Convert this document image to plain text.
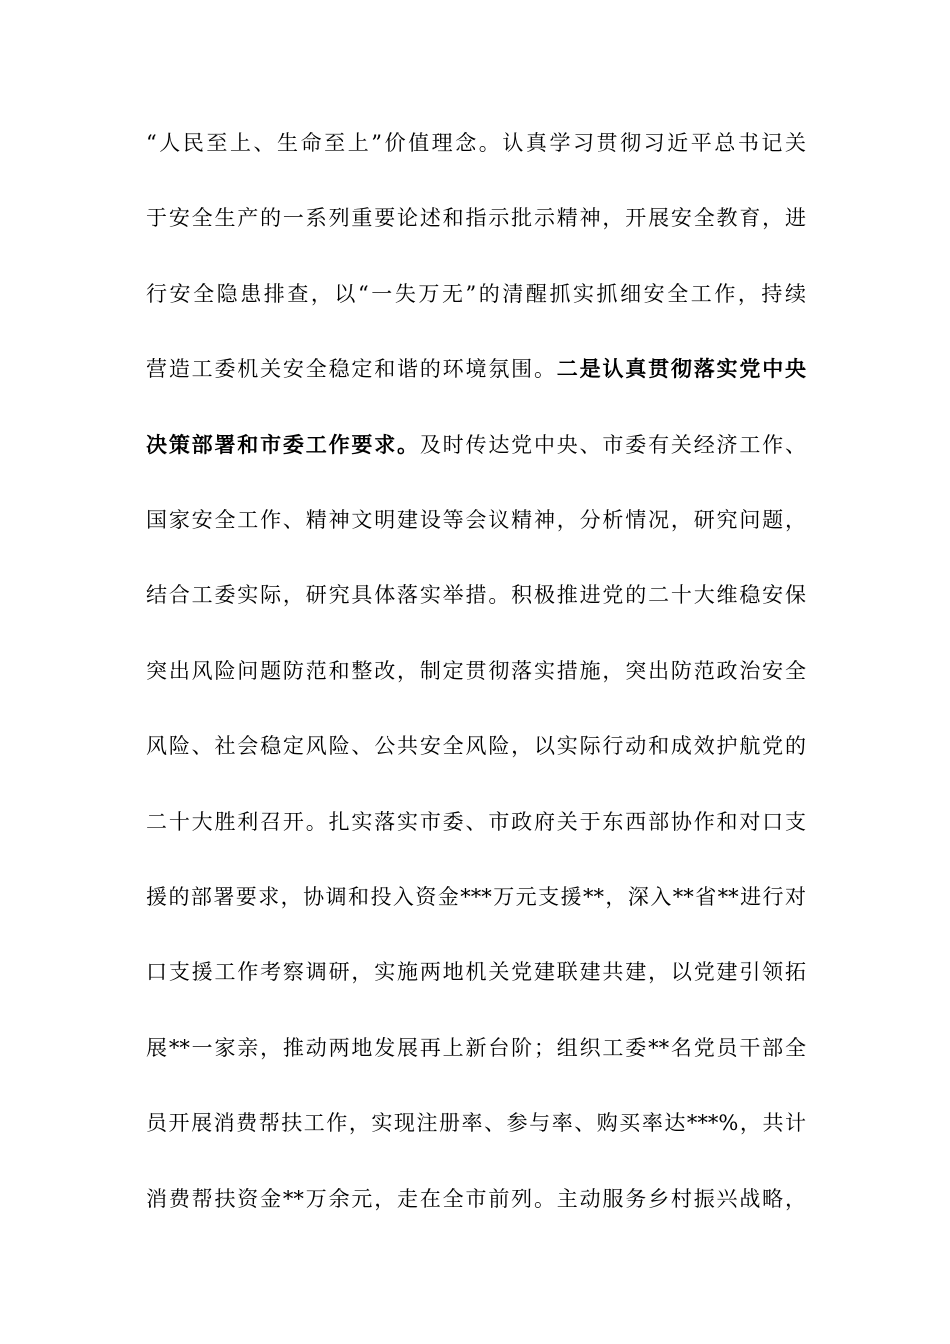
“人民至上、生命至上”价值理念。认真学习贯彻习近平总书记关
于安全生产的一系列重要论述和指示批示精神，开展安全教育，进
行安全隐患排查，以“一失万无”的清醒抓实抓细安全工作，持续
营造工委机关安全稳定和谐的环境氛围。二是认真贯彻落实党中央
决策部署和市委工作要求。及时传达党中央、市委有关经济工作、
国家安全工作、精神文明建设等会议精神，分析情况，研究问题，
结合工委实际，研究具体落实举措。积极推进党的二十大维稳安保
突出风险问题防范和整改，制定贯彻落实措施，突出防范政治安全
风险、社会稳定风险、公共安全风险，以实际行动和成效护航党的
二十大胜利召开。扎实落实市委、市政府关于东西部协作和对口支
援的部署要求，协调和投入资金***万元支援**，深入**省**进行对
口支援工作考察调研，实施两地机关党建联建共建，以党建引领拓
展**一家亲，推动两地发展再上新台阶；组织工委**名党员干部全
员开展消费帮扶工作，实现注册率、参与率、购买率达***%，共计
消费帮扶资金**万余元，走在全市前列。主动服务乡村振兴战略，
